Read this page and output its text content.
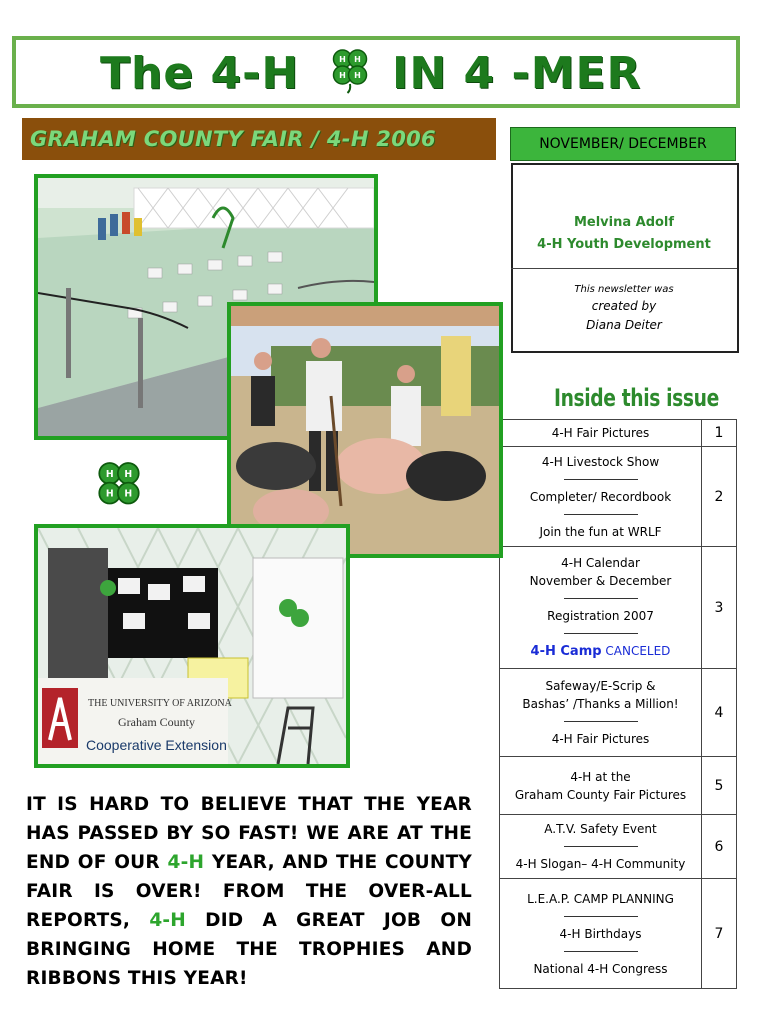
The 4-H H H
H H IN 4 -MER
GRAHAM COUNTY FAIR / 4-H 2006	NOVEMBER/ DECEMBER
Melvina Adolf
4-H Youth Development
This newsletter was
created by
Diana Deiter
Inside this issue
4-H Fair Pictures	1

4-H Livestock Show
Completer/ Recordbook
Join the fun at WRLF	2

4-H Calendar
November & December
Registration 2007
4-H Camp CANCELED	3

Safeway/E-Scrip &
Bashas’ /Thanks a Million!
4-H Fair Pictures	4

4-H at the
Graham County Fair Pictures	5

A.T.V. Safety Event
4-H Slogan– 4-H Community	6

L.E.A.P. CAMP PLANNING
4-H Birthdays
National 4-H Congress	7
H H
H H
THE UNIVERSITY OF ARIZONA
Graham County
Cooperative Extension
IT IS HARD TO BELIEVE THAT THE YEAR HAS PASSED BY SO FAST! WE ARE AT THE END OF OUR 4-H YEAR, AND THE COUNTY FAIR IS OVER! FROM THE OVER-ALL REPORTS, 4-H DID A GREAT JOB ON BRINGING HOME THE TROPHIES AND RIBBONS THIS YEAR!
